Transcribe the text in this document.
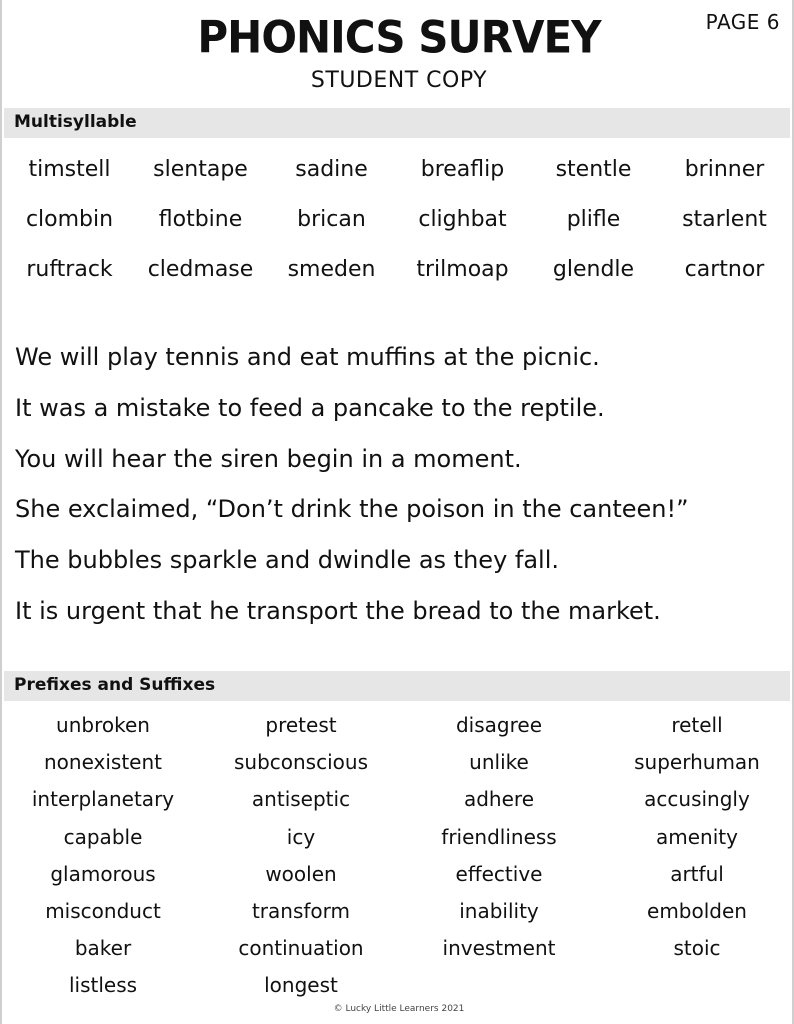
PHONICS SURVEY
STUDENT COPY
PAGE 6
Multisyllable
timstell	slentape	sadine	breaflip	stentle	brinner
clombin	flotbine	brican	clighbat	plifle	starlent
ruftrack	cledmase	smeden	trilmoap	glendle	cartnor
We will play tennis and eat muffins at the picnic.
It was a mistake to feed a pancake to the reptile.
You will hear the siren begin in a moment.
She exclaimed, “Don’t drink the poison in the canteen!”
The bubbles sparkle and dwindle as they fall.
It is urgent that he transport the bread to the market.
Prefixes and Suffixes
unbroken	pretest	disagree	retell
nonexistent	subconscious	unlike	superhuman
interplanetary	antiseptic	adhere	accusingly
capable	icy	friendliness	amenity
glamorous	woolen	effective	artful
misconduct	transform	inability	embolden
baker	continuation	investment	stoic
listless	longest
© Lucky Little Learners 2021
